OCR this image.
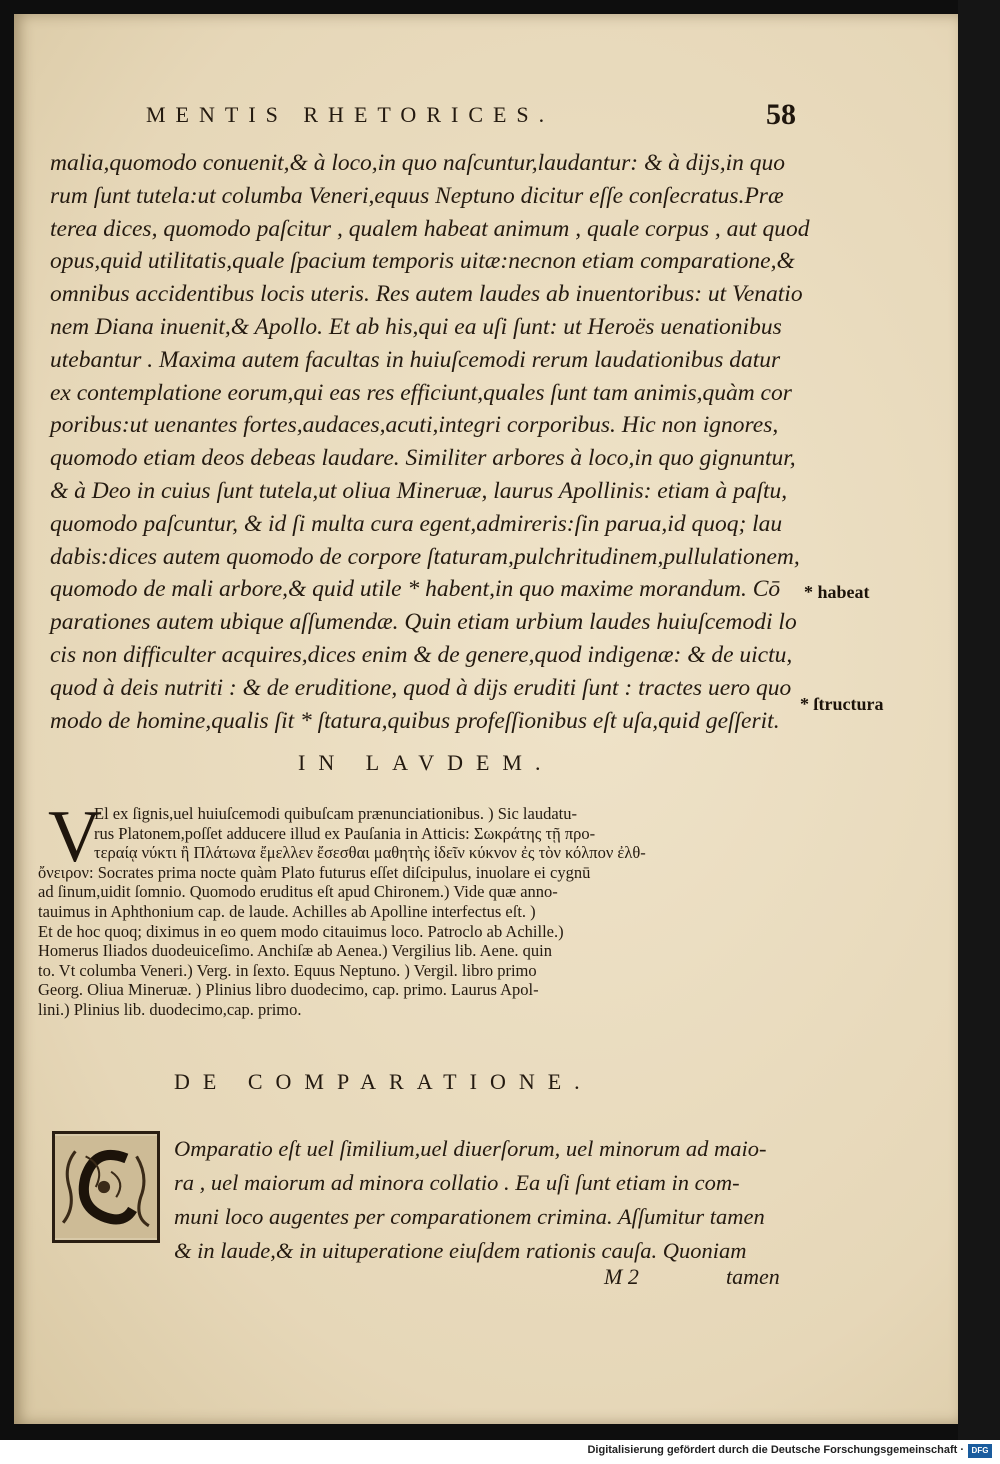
MENTIS RHETORICES.	58
malia,quomodo conuenit,& à loco,in quo naſcuntur,laudantur: & à dijs,in quo
rum ſunt tutela:ut columba Veneri,equus Neptuno dicitur eſſe conſecratus.Præ
terea dices, quomodo paſcitur , qualem habeat animum , quale corpus , aut quod
opus,quid utilitatis,quale ſpacium temporis uitæ:necnon etiam comparatione,&
omnibus accidentibus locis uteris. Res autem laudes ab inuentoribus: ut Venatio
nem Diana inuenit,& Apollo. Et ab his,qui ea uſi ſunt: ut Heroës uenationibus
utebantur . Maxima autem facultas in huiuſcemodi rerum laudationibus datur
ex contemplatione eorum,qui eas res efficiunt,quales ſunt tam animis,quàm cor
poribus:ut uenantes fortes,audaces,acuti,integri corporibus. Hic non ignores,
quomodo etiam deos debeas laudare. Similiter arbores à loco,in quo gignuntur,
& à Deo in cuius ſunt tutela,ut oliua Mineruæ, laurus Apollinis: etiam à paſtu,
quomodo paſcuntur, & id ſi multa cura egent,admireris:ſin parua,id quoq; lau
dabis:dices autem quomodo de corpore ſtaturam,pulchritudinem,pullulationem,
quomodo de mali arbore,& quid utile * habent,in quo maxime morandum. Cō
parationes autem ubique aſſumendæ. Quin etiam urbium laudes huiuſcemodi lo
cis non difficulter acquires,dices enim & de genere,quod indigenæ: & de uictu,
quod à deis nutriti : & de eruditione, quod à dijs eruditi ſunt : tractes uero quo
modo de homine,qualis ſit * ſtatura,quibus profeſſionibus eſt uſa,quid geſſerit.
* habeat
* ſtructura
IN LAVDEM.
V
El ex ſignis,uel huiuſcemodi quibuſcam prænunciationibus. ) Sic laudatu-
rus Platonem,poſſet adducere illud ex Pauſania in Atticis: Σωκράτης τῇ προ-
τεραίᾳ νύκτι ἢ Πλάτωνα ἔμελλεν ἔσεσθαι μαθητὴς ἰδεῖν κύκνον ἐς τὸν κόλπον ἐλθ-
ὄνειρον: Socrates prima nocte quàm Plato futurus eſſet diſcipulus, inuolare ei cygnū
ad ſinum,uidit ſomnio. Quomodo eruditus eſt apud Chironem.) Vide quæ anno-
tauimus in Aphthonium cap. de laude. Achilles ab Apolline interfectus eſt. )
Et de hoc quoq; diximus in eo quem modo citauimus loco. Patroclo ab Achille.)
Homerus Iliados duodeuiceſimo. Anchiſæ ab Aenea.) Vergilius lib. Aene. quin
to. Vt columba Veneri.) Verg. in ſexto. Equus Neptuno. ) Vergil. libro primo
Georg. Oliua Mineruæ. ) Plinius libro duodecimo, cap. primo. Laurus Apol-
lini.) Plinius lib. duodecimo,cap. primo.
DE COMPARATIONE.
Omparatio eſt uel ſimilium,uel diuerſorum, uel minorum ad maio-
ra , uel maiorum ad minora collatio . Ea uſi ſunt etiam in com-
muni loco augentes per comparationem crimina. Aſſumitur tamen
& in laude,& in uituperatione eiuſdem rationis cauſa. Quoniam
M 2	tamen
Digitalisierung gefördert durch die Deutsche Forschungsgemeinschaft · DFG
